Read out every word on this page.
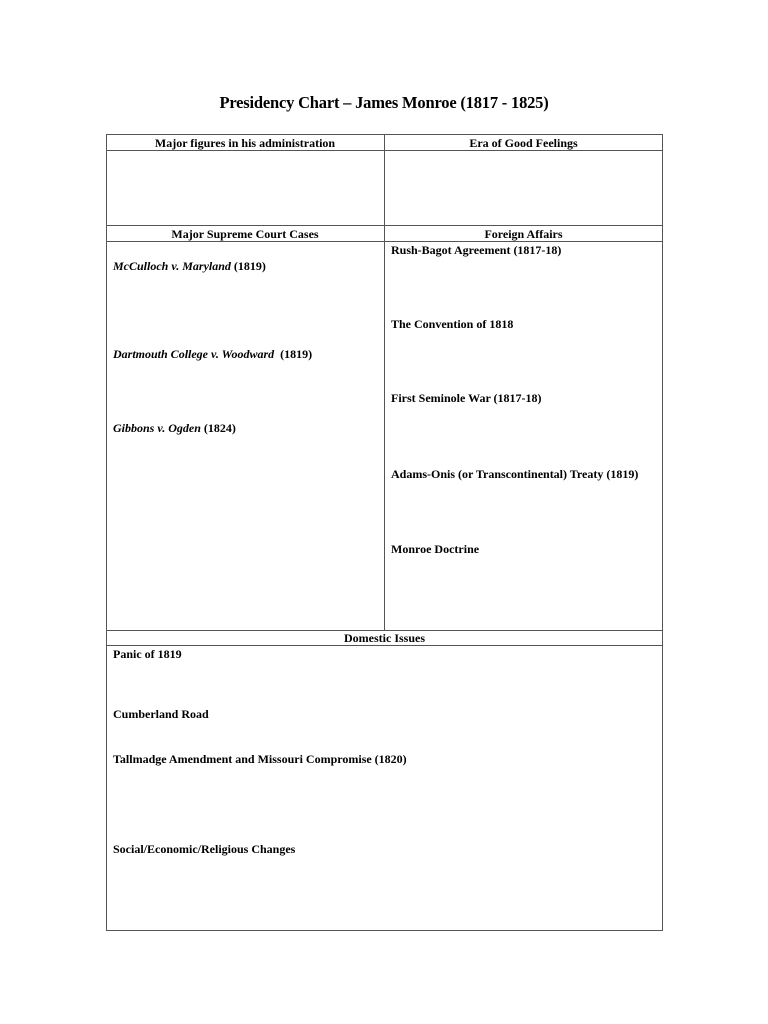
Presidency Chart – James Monroe (1817 - 1825)
Major figures in his administration	Era of Good Feelings
Major Supreme Court Cases	Foreign Affairs
Domestic Issues
McCulloch v. Maryland (1819)
Dartmouth College v. Woodward  (1819)
Gibbons v. Ogden (1824)
Rush-Bagot Agreement (1817-18)
The Convention of 1818
First Seminole War (1817-18)
Adams-Onis (or Transcontinental) Treaty (1819)
Monroe Doctrine
Panic of 1819
Cumberland Road
Tallmadge Amendment and Missouri Compromise (1820)
Social/Economic/Religious Changes
